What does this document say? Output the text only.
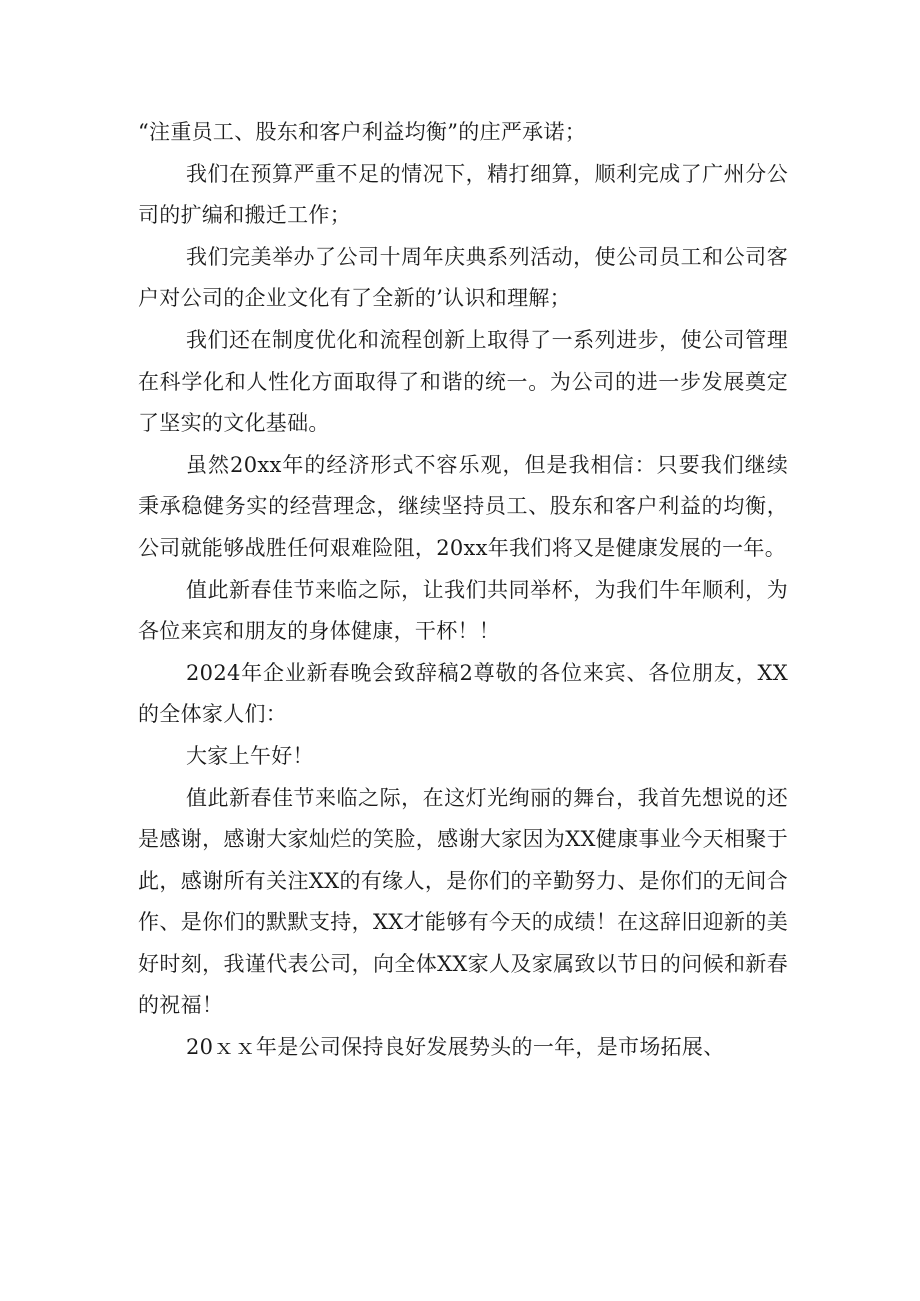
“注重员工、股东和客户利益均衡”的庄严承诺；

我们在预算严重不足的情况下，精打细算，顺利完成了广州分公司的扩编和搬迁工作；

我们完美举办了公司十周年庆典系列活动，使公司员工和公司客户对公司的企业文化有了全新的’认识和理解；

我们还在制度优化和流程创新上取得了一系列进步，使公司管理在科学化和人性化方面取得了和谐的统一。为公司的进一步发展奠定了坚实的文化基础。

虽然20xx年的经济形式不容乐观，但是我相信：只要我们继续秉承稳健务实的经营理念，继续坚持员工、股东和客户利益的均衡，公司就能够战胜任何艰难险阻，20xx年我们将又是健康发展的一年。

值此新春佳节来临之际，让我们共同举杯，为我们牛年顺利，为各位来宾和朋友的身体健康，干杯！！

2024年企业新春晚会致辞稿2尊敬的各位来宾、各位朋友，XX的全体家人们：

大家上午好！

值此新春佳节来临之际，在这灯光绚丽的舞台，我首先想说的还是感谢，感谢大家灿烂的笑脸，感谢大家因为XX健康事业今天相聚于此，感谢所有关注XX的有缘人，是你们的辛勤努力、是你们的无间合作、是你们的默默支持，XX才能够有今天的成绩！在这辞旧迎新的美好时刻，我谨代表公司，向全体XX家人及家属致以节日的问候和新春的祝福！

20ｘｘ年是公司保持良好发展势头的一年，是市场拓展、
